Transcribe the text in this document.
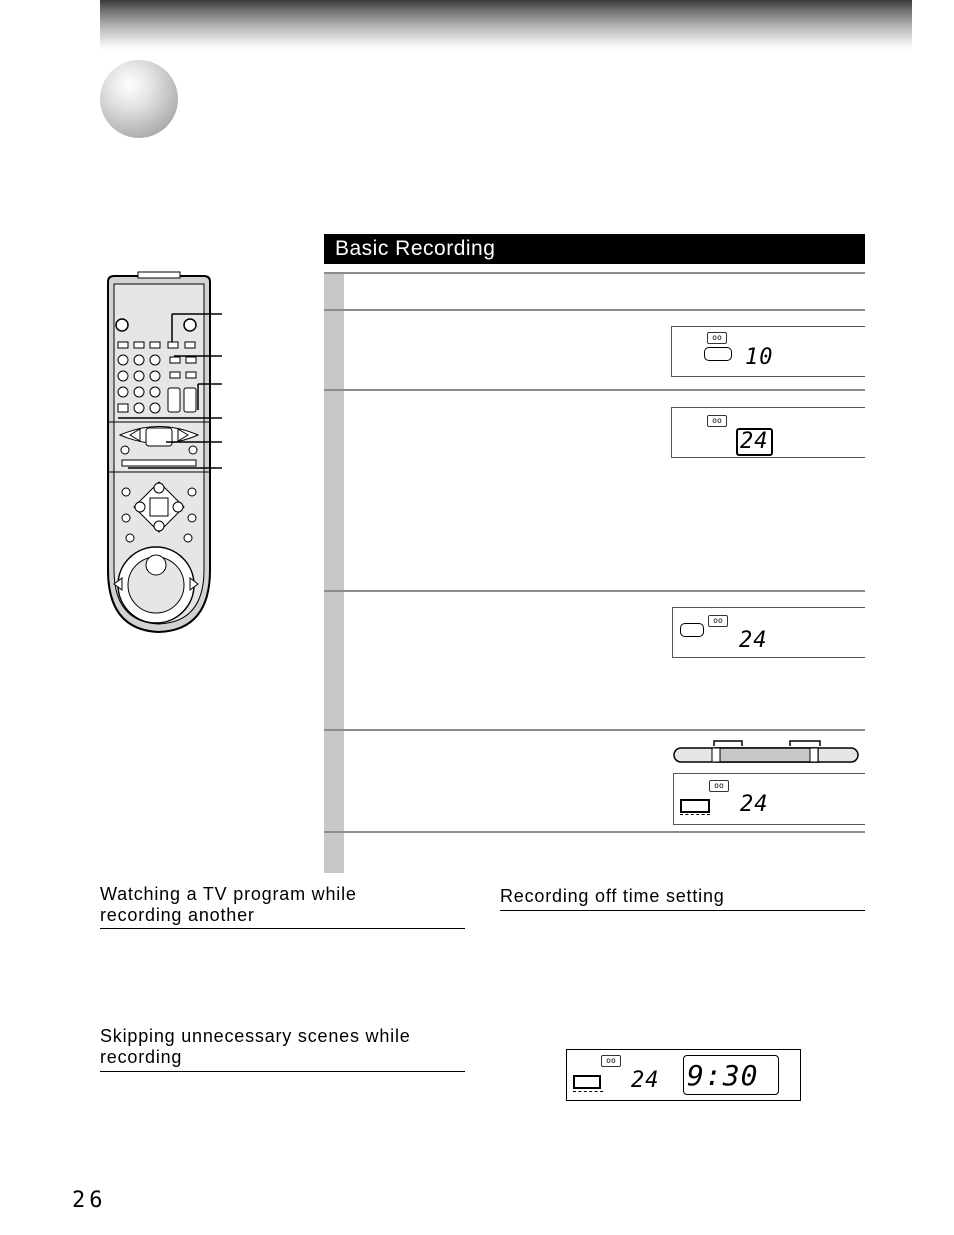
Basic Recording
oo
10
oo
24
oo
24
oo
24
Watching a TV program while recording another
Skipping unnecessary scenes while recording
Recording off time setting
oo
24 9:30
26
